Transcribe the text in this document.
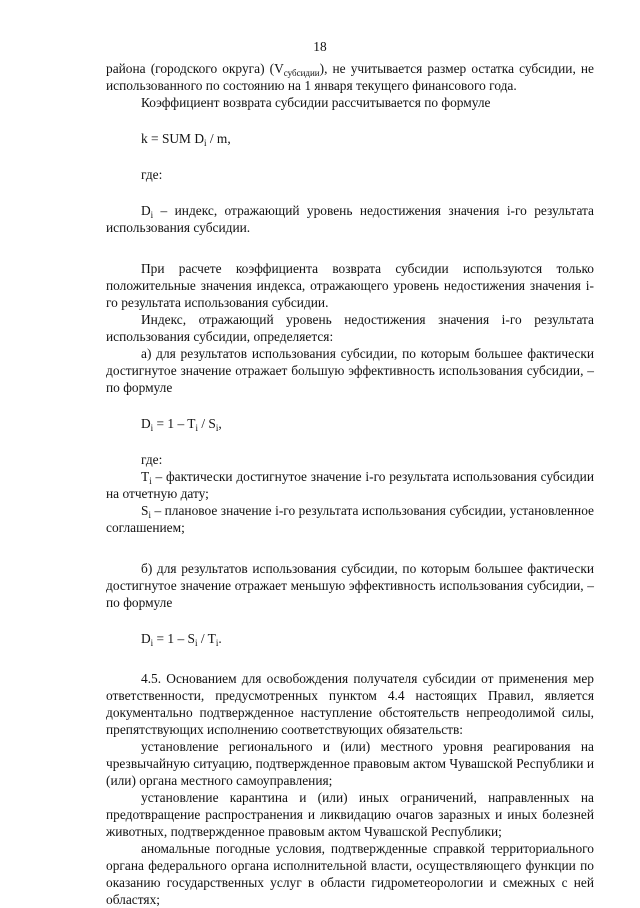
18

района (городского округа) $(V_{субсидии})$, не учитывается размер остатка субсидии, не использованного по состоянию на 1 января текущего финансового года.

Коэффициент возврата субсидии рассчитывается по формуле

k = SUM $D_i$ / m,

где:

$D_i$ – индекс, отражающий уровень недостижения значения i-го результата использования субсидии.

При расчете коэффициента возврата субсидии используются только положительные значения индекса, отражающего уровень недостижения значения i-го результата использования субсидии.

Индекс, отражающий уровень недостижения значения i-го результата использования субсидии, определяется:

а) для результатов использования субсидии, по которым большее фактически достигнутое значение отражает большую эффективность использования субсидии, – по формуле

$D_i = 1 - T_i / S_i$,

где:

$T_i$ – фактически достигнутое значение i-го результата использования субсидии на отчетную дату;

$S_i$ – плановое значение i-го результата использования субсидии, установленное соглашением;

б) для результатов использования субсидии, по которым большее фактически достигнутое значение отражает меньшую эффективность использования субсидии, – по формуле

$D_i = 1 - S_i / T_i$.

4.5. Основанием для освобождения получателя субсидии от применения мер ответственности, предусмотренных пунктом 4.4 настоящих Правил, является документально подтвержденное наступление обстоятельств непреодолимой силы, препятствующих исполнению соответствующих обязательств:

установление регионального и (или) местного уровня реагирования на чрезвычайную ситуацию, подтвержденное правовым актом Чувашской Республики и (или) органа местного самоуправления;

установление карантина и (или) иных ограничений, направленных на предотвращение распространения и ликвидацию очагов заразных и иных болезней животных, подтвержденное правовым актом Чувашской Республики;

аномальные погодные условия, подтвержденные справкой территориального органа федерального органа исполнительной власти, осуществляющего функции по оказанию государственных услуг в области гидрометеорологии и смежных с ней областях;
